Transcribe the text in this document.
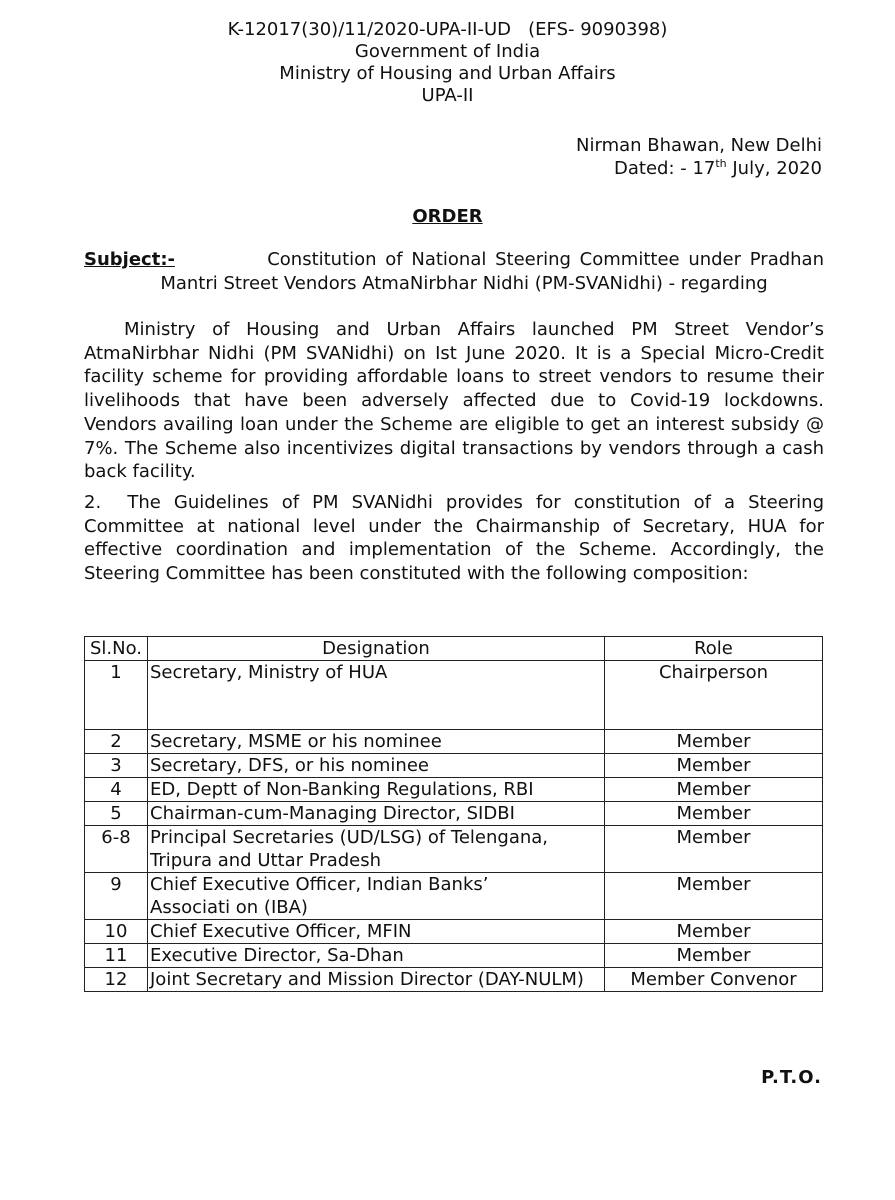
K-12017(30)/11/2020-UPA-II-UD   (EFS- 9090398)
Government of India
Ministry of Housing and Urban Affairs
UPA-II
Nirman Bhawan, New Delhi
Dated: - 17th July, 2020
ORDER
Subject:-	Constitution of National Steering Committee under Pradhan
Mantri Street Vendors AtmaNirbhar Nidhi (PM-SVANidhi) - regarding
Ministry of Housing and Urban Affairs launched PM Street Vendor’s AtmaNirbhar Nidhi (PM SVANidhi) on Ist June 2020. It is a Special Micro-Credit facility scheme for providing affordable loans to street vendors to resume their livelihoods that have been adversely affected due to Covid-19 lockdowns. Vendors availing loan under the Scheme are eligible to get an interest subsidy @ 7%. The Scheme also incentivizes digital transactions by vendors through a cash back facility.
2.  The Guidelines of PM SVANidhi provides for constitution of a Steering Committee at national level under the Chairmanship of Secretary, HUA for effective coordination and implementation of the Scheme. Accordingly, the Steering Committee has been constituted with the following composition:
Sl.No.	Designation	Role
1	Secretary, Ministry of HUA	Chairperson
2	Secretary, MSME or his nominee	Member
3	Secretary, DFS, or his nominee	Member
4	ED, Deptt of Non-Banking Regulations, RBI	Member
5	Chairman-cum-Managing Director, SIDBI	Member
6-8	Principal Secretaries (UD/LSG) of Telengana, Tripura and Uttar Pradesh	Member
9	Chief Executive Officer, Indian Banks’ Associati on (IBA)	Member
10	Chief Executive Officer, MFIN	Member
11	Executive Director, Sa-Dhan	Member
12	Joint Secretary and Mission Director (DAY-NULM)	Member Convenor
P.T.O.
